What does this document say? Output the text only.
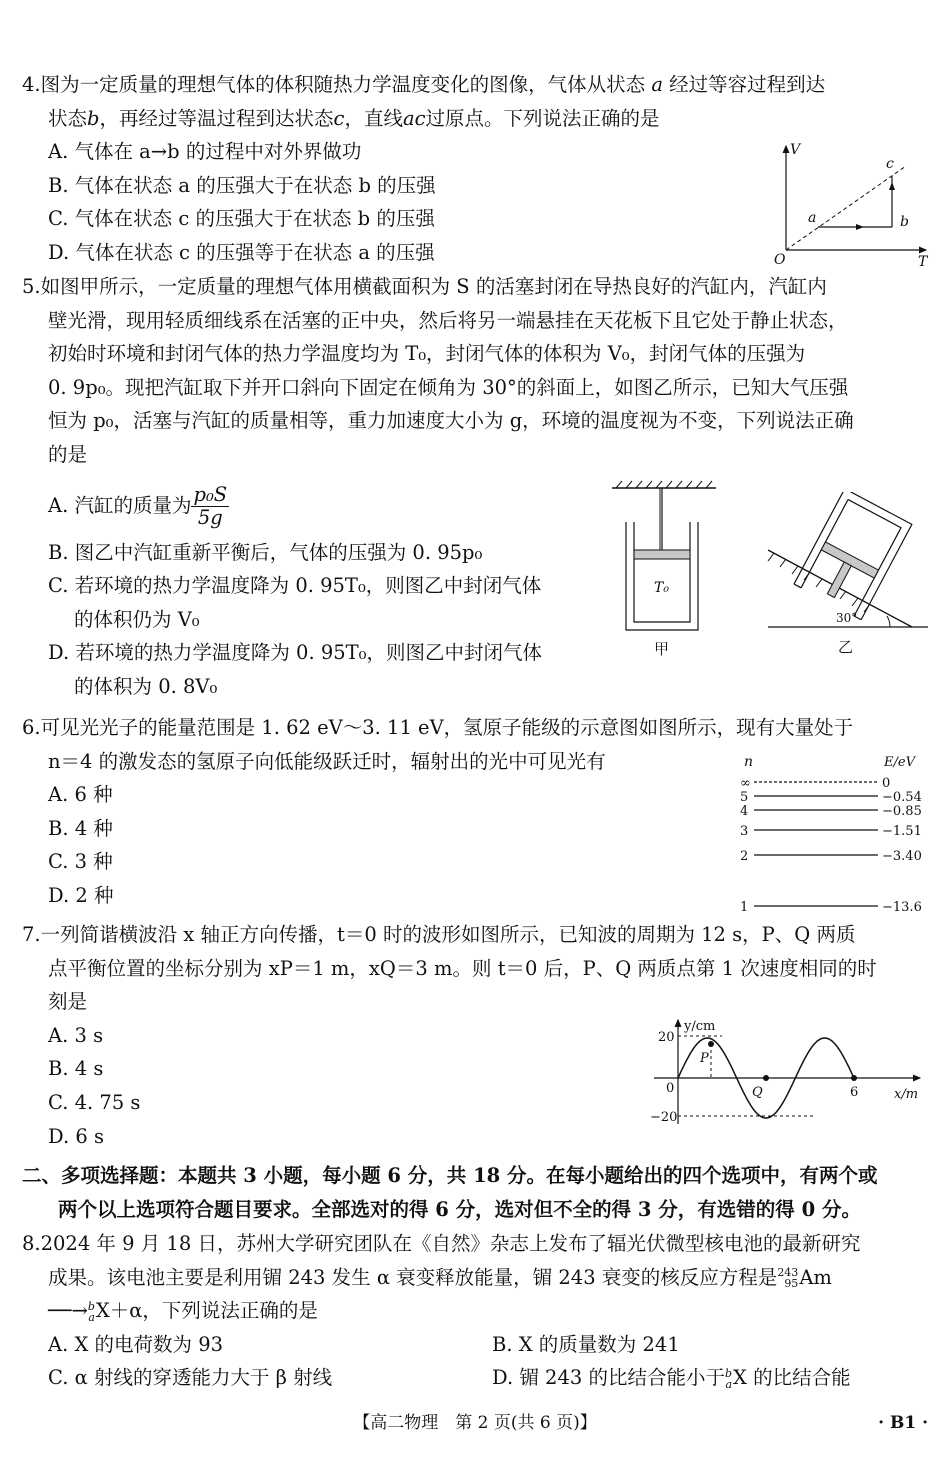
4.图为一定质量的理想气体的体积随热力学温度变化的图像，气体从状态 a 经过等容过程到达

状态b，再经过等温过程到达状态c，直线ac过原点。下列说法正确的是

A. 气体在 a→b 的过程中对外界做功

B. 气体在状态 a 的压强大于在状态 b 的压强

C. 气体在状态 c 的压强大于在状态 b 的压强

D. 气体在状态 c 的压强等于在状态 a 的压强

V
T
O
a	b
c

5.如图甲所示，一定质量的理想气体用横截面积为 S 的活塞封闭在导热良好的汽缸内，汽缸内

壁光滑，现用轻质细线系在活塞的正中央，然后将另一端悬挂在天花板下且它处于静止状态，

初始时环境和封闭气体的热力学温度均为 T₀，封闭气体的体积为 V₀，封闭气体的压强为

0. 9p₀。现把汽缸取下并开口斜向下固定在倾角为 30°的斜面上，如图乙所示，已知大气压强

恒为 p₀，活塞与汽缸的质量相等，重力加速度大小为 g，环境的温度视为不变，下列说法正确

的是

A. 汽缸的质量为 $\frac{\text{p₀S}}{5g}$

B. 图乙中汽缸重新平衡后，气体的压强为 0. 95p₀

C. 若环境的热力学温度降为 0. 95T₀，则图乙中封闭气体

的体积仍为 V₀

D. 若环境的热力学温度降为 0. 95T₀，则图乙中封闭气体

的体积为 0. 8V₀

T₀
甲
30°
乙

6.可见光光子的能量范围是 1. 62 eV～3. 11 eV，氢原子能级的示意图如图所示，现有大量处于

n＝4 的激发态的氢原子向低能级跃迁时，辐射出的光中可见光有

A. 6 种

B. 4 种

C. 3 种

D. 2 种

n	E/eV
∞	0
5	−0.54
4	−0.85
3	−1.51
2	−3.40
1	−13.6

7.一列简谐横波沿 x 轴正方向传播，t＝0 时的波形如图所示，已知波的周期为 12 s，P、Q 两质

点平衡位置的坐标分别为 xP＝1 m，xQ＝3 m。则 t＝0 后，P、Q 两质点第 1 次速度相同的时

刻是

A. 3 s

B. 4 s

C. 4. 75 s

D. 6 s

y/cm
x/m
20
−20
0
P
Q	6

二、多项选择题：本题共 3 小题，每小题 6 分，共 18 分。在每小题给出的四个选项中，有两个或

两个以上选项符合题目要求。全部选对的得 6 分，选对但不全的得 3 分，有选错的得 0 分。

8.2024 年 9 月 18 日，苏州大学研究团队在《自然》杂志上发布了辐光伏微型核电池的最新研究

成果。该电池主要是利用镅 243 发生 α 衰变释放能量，镅 243 衰变的核反应方程是 243
95 Am

──→ b
a X＋α，下列说法正确的是

A. X 的电荷数为 93	B. X 的质量数为 241
C. α 射线的穿透能力大于 β 射线	D. 镅 243 的比结合能小于 b
a X 的比结合能
【高二物理　第 2 页(共 6 页)】	· B1 ·
